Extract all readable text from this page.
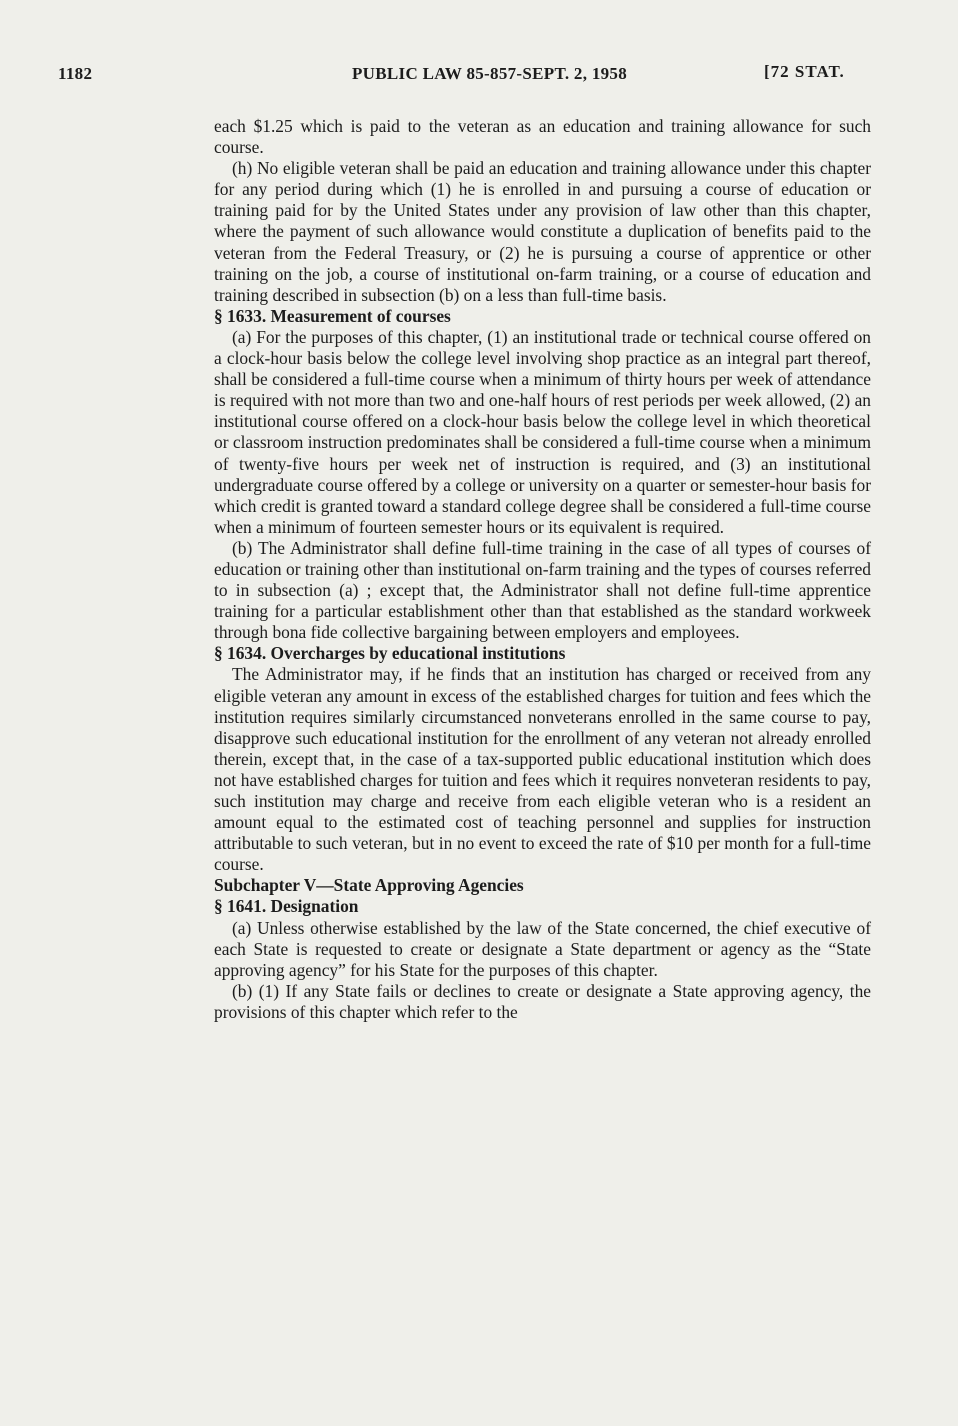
1182	PUBLIC LAW 85-857-SEPT. 2, 1958	[72 STAT.

each $1.25 which is paid to the veteran as an education and training allowance for such course.

(h) No eligible veteran shall be paid an education and training allowance under this chapter for any period during which (1) he is enrolled in and pursuing a course of education or training paid for by the United States under any provision of law other than this chapter, where the payment of such allowance would constitute a duplication of benefits paid to the veteran from the Federal Treasury, or (2) he is pursuing a course of apprentice or other training on the job, a course of institutional on-farm training, or a course of education and training described in subsection (b) on a less than full-time basis.

§ 1633. Measurement of courses

(a) For the purposes of this chapter, (1) an institutional trade or technical course offered on a clock-hour basis below the college level involving shop practice as an integral part thereof, shall be considered a full-time course when a minimum of thirty hours per week of attendance is required with not more than two and one-half hours of rest periods per week allowed, (2) an institutional course offered on a clock-hour basis below the college level in which theoretical or classroom instruction predominates shall be considered a full-time course when a minimum of twenty-five hours per week net of instruction is required, and (3) an institutional undergraduate course offered by a college or university on a quarter or semester-hour basis for which credit is granted toward a standard college degree shall be considered a full-time course when a minimum of fourteen semester hours or its equivalent is required.

(b) The Administrator shall define full-time training in the case of all types of courses of education or training other than institutional on-farm training and the types of courses referred to in subsection (a) ; except that, the Administrator shall not define full-time apprentice training for a particular establishment other than that established as the standard workweek through bona fide collective bargaining between employers and employees.

§ 1634. Overcharges by educational institutions

The Administrator may, if he finds that an institution has charged or received from any eligible veteran any amount in excess of the established charges for tuition and fees which the institution requires similarly circumstanced nonveterans enrolled in the same course to pay, disapprove such educational institution for the enrollment of any veteran not already enrolled therein, except that, in the case of a tax-supported public educational institution which does not have established charges for tuition and fees which it requires nonveteran residents to pay, such institution may charge and receive from each eligible veteran who is a resident an amount equal to the estimated cost of teaching personnel and supplies for instruction attributable to such veteran, but in no event to exceed the rate of $10 per month for a full-time course.

Subchapter V—State Approving Agencies

§ 1641. Designation

(a) Unless otherwise established by the law of the State concerned, the chief executive of each State is requested to create or designate a State department or agency as the “State approving agency” for his State for the purposes of this chapter.

(b) (1) If any State fails or declines to create or designate a State approving agency, the provisions of this chapter which refer to the
